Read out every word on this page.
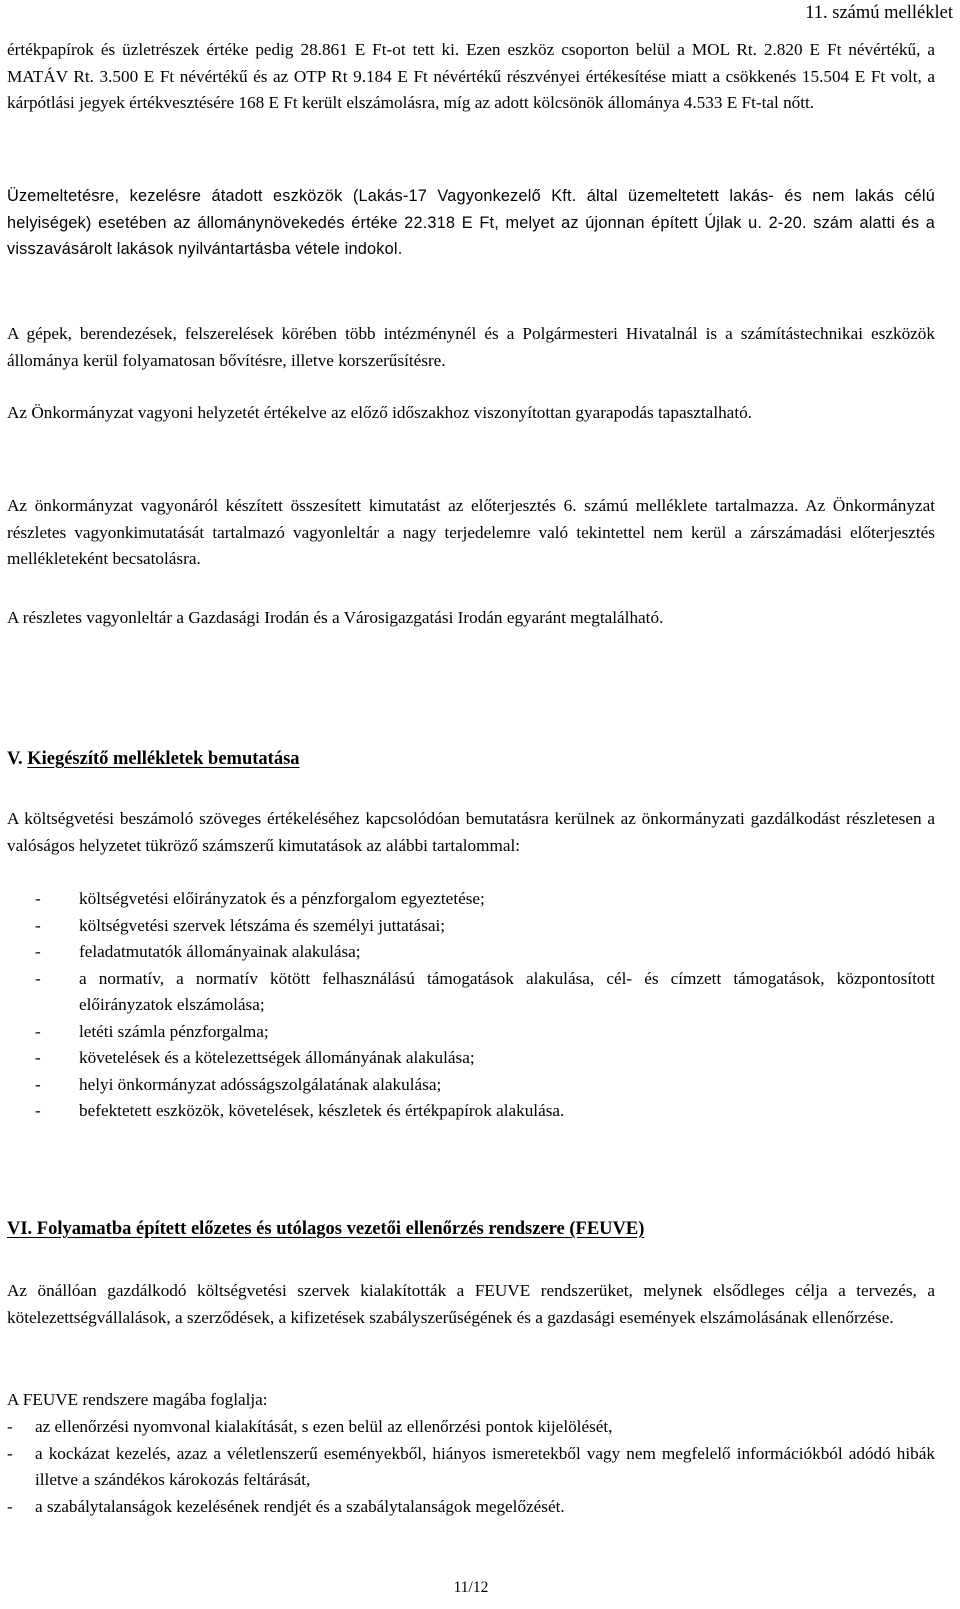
11. számú melléklet

értékpapírok és üzletrészek értéke pedig 28.861 E Ft-ot tett ki. Ezen eszköz csoporton belül a MOL Rt. 2.820 E Ft névértékű, a MATÁV Rt. 3.500 E Ft névértékű és az OTP Rt 9.184 E Ft névértékű részvényei értékesítése miatt a csökkenés 15.504 E Ft volt, a kárpótlási jegyek értékvesztésére 168 E Ft került elszámolásra, míg az adott kölcsönök állománya 4.533 E Ft-tal nőtt.

Üzemeltetésre, kezelésre átadott eszközök (Lakás-17 Vagyonkezelő Kft. által üzemeltetett lakás- és nem lakás célú helyiségek) esetében az állománynövekedés értéke 22.318 E Ft, melyet az újonnan épített Újlak u. 2-20. szám alatti és a visszavásárolt lakások nyilvántartásba vétele indokol.

A gépek, berendezések, felszerelések körében több intézménynél és a Polgármesteri Hivatalnál is a számítástechnikai eszközök állománya kerül folyamatosan bővítésre, illetve korszerűsítésre.

Az Önkormányzat vagyoni helyzetét értékelve az előző időszakhoz viszonyítottan gyarapodás tapasztalható.

Az önkormányzat vagyonáról készített összesített kimutatást az előterjesztés 6. számú melléklete tartalmazza. Az Önkormányzat részletes vagyonkimutatását tartalmazó vagyonleltár a nagy terjedelemre való tekintettel nem kerül a zárszámadási előterjesztés mellékleteként becsatolásra.

A részletes vagyonleltár a Gazdasági Irodán és a Városigazgatási Irodán egyaránt megtalálható.

V. Kiegészítő mellékletek bemutatása

A költségvetési beszámoló szöveges értékeléséhez kapcsolódóan bemutatásra kerülnek az önkormányzati gazdálkodást részletesen a valóságos helyzetet tükröző számszerű kimutatások az alábbi tartalommal:

- költségvetési előirányzatok és a pénzforgalom egyeztetése;
- költségvetési szervek létszáma és személyi juttatásai;
- feladatmutatók állományainak alakulása;
- a normatív, a normatív kötött felhasználású támogatások alakulása, cél- és címzett támogatások, központosított előirányzatok elszámolása;
- letéti számla pénzforgalma;
- követelések és a kötelezettségek állományának alakulása;
- helyi önkormányzat adósságszolgálatának alakulása;
- befektetett eszközök, követelések, készletek és értékpapírok alakulása.
VI. Folyamatba épített előzetes és utólagos vezetői ellenőrzés rendszere (FEUVE)

Az önállóan gazdálkodó költségvetési szervek kialakították a FEUVE rendszerüket, melynek elsődleges célja a tervezés, a kötelezettségvállalások, a szerződések, a kifizetések szabályszerűségének és a gazdasági események elszámolásának ellenőrzése.

A FEUVE rendszere magába foglalja:

- az ellenőrzési nyomvonal kialakítását, s ezen belül az ellenőrzési pontok kijelölését,
- a kockázat kezelés, azaz a véletlenszerű eseményekből, hiányos ismeretekből vagy nem megfelelő információkból adódó hibák illetve a szándékos károkozás feltárását,
- a szabálytalanságok kezelésének rendjét és a szabálytalanságok megelőzését.
11/12
